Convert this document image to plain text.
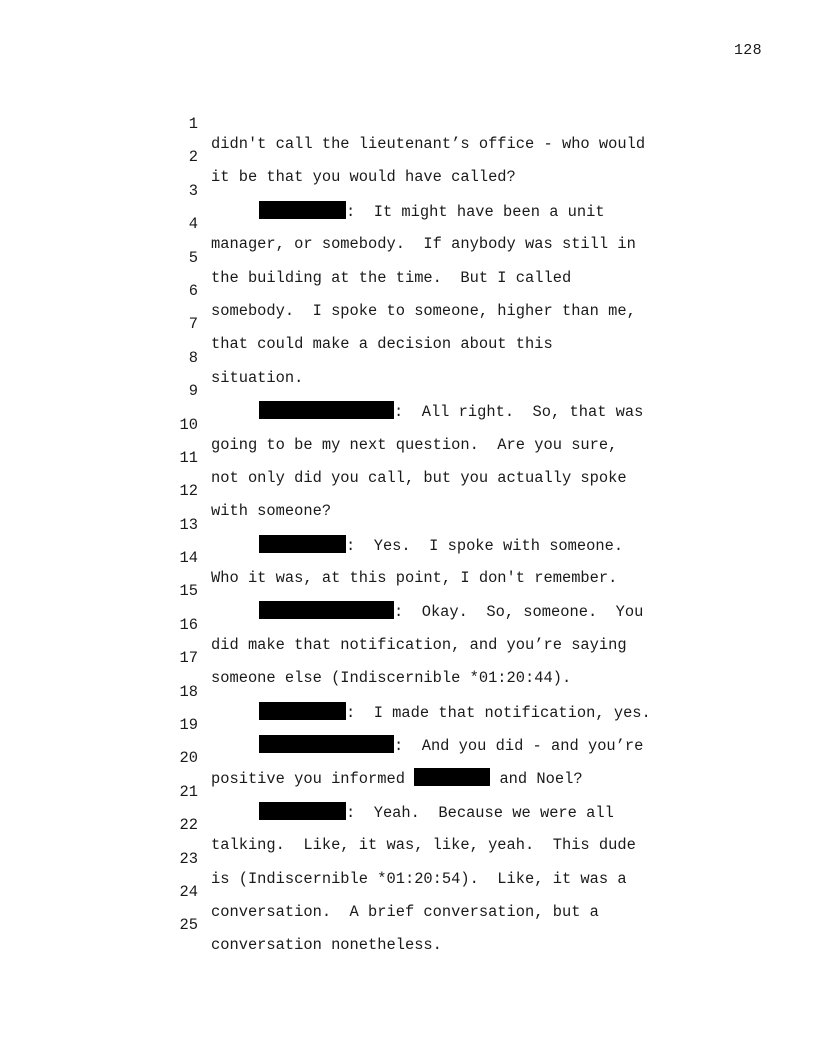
128

1

didn't call the lieutenant’s office - who would

2

it be that you would have called?

3

:  It might have been a unit

4

manager, or somebody.  If anybody was still in

5

the building at the time.  But I called

6

somebody.  I spoke to someone, higher than me,

7

that could make a decision about this

8

situation.

9

:  All right.  So, that was

10

going to be my next question.  Are you sure,

11

not only did you call, but you actually spoke

12

with someone?

13

:  Yes.  I spoke with someone.

14

Who it was, at this point, I don't remember.

15

:  Okay.  So, someone.  You

16

did make that notification, and you’re saying

17

someone else (Indiscernible *01:20:44).

18

:  I made that notification, yes.

19

:  And you did - and you’re

20

positive you informed	and Noel?

21

:  Yeah.  Because we were all

22

talking.  Like, it was, like, yeah.  This dude

23

is (Indiscernible *01:20:54).  Like, it was a

24

conversation.  A brief conversation, but a

25

conversation nonetheless.
